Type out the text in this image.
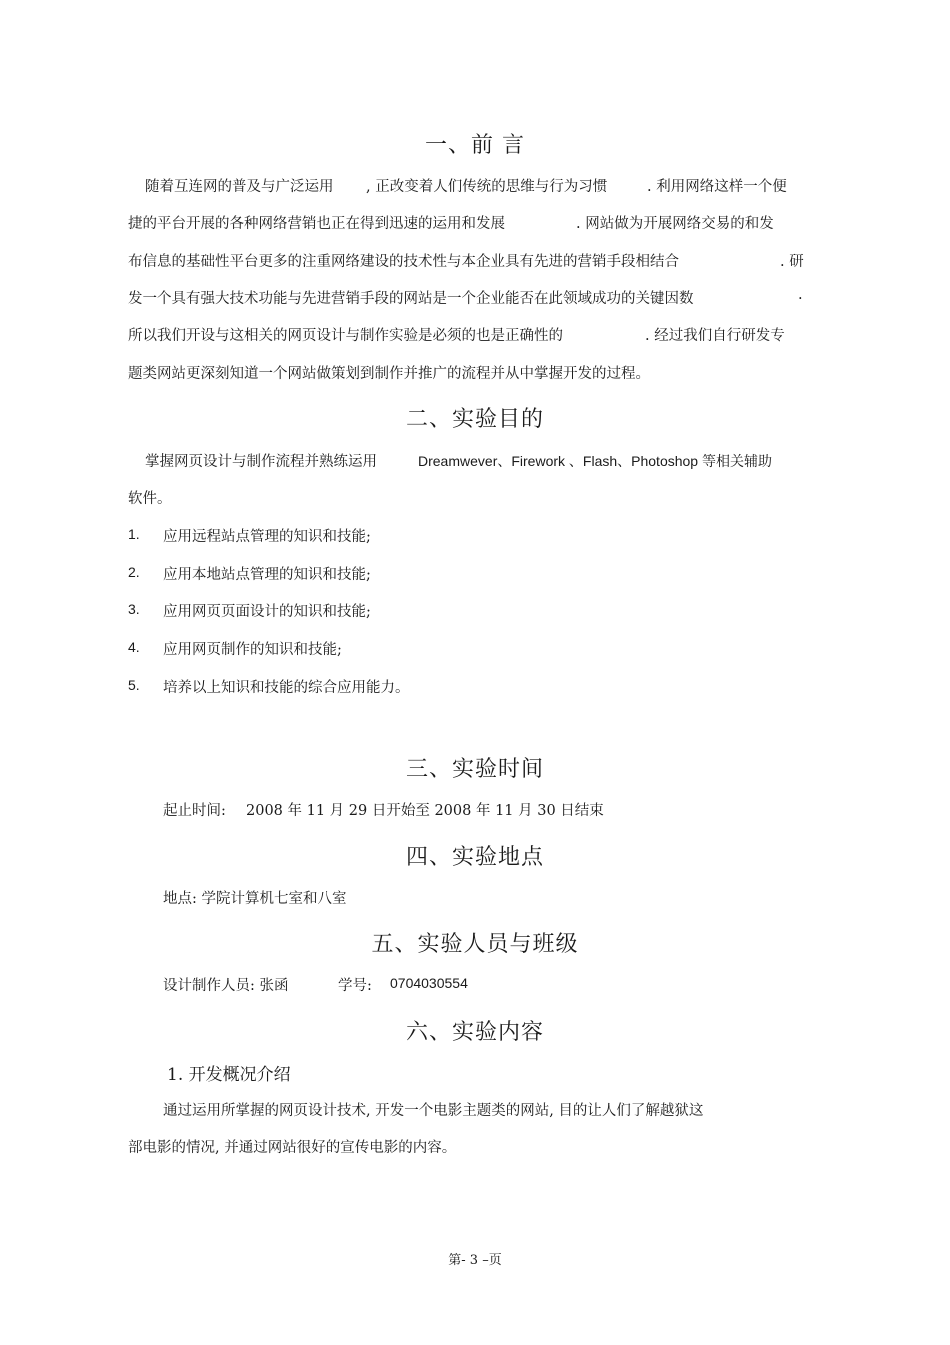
一、前 言
随着互连网的普及与广泛运用 , 正改变着人们传统的思维与行为习惯	. 利用网络这样一个便
捷的平台开展的各种网络营销也正在得到迅速的运用和发展	. 网站做为开展网络交易的和发
布信息的基础性平台更多的注重网络建设的技术性与本企业具有先进的营销手段相结合	. 研
发一个具有强大技术功能与先进营销手段的网站是一个企业能否在此领域成功的关键因数	.
所以我们开设与这相关的网页设计与制作实验是必须的也是正确性的	. 经过我们自行研发专
题类网站更深刻知道一个网站做策划到制作并推广的流程并从中掌握开发的过程。
二、实验目的
掌握网页设计与制作流程并熟练运用	Dreamwever、Firework 、Flash、Photoshop 等相关辅助
软件。
1. 应用远程站点管理的知识和技能;
2. 应用本地站点管理的知识和技能;
3. 应用网页页面设计的知识和技能;
4. 应用网页制作的知识和技能;
5. 培养以上知识和技能的综合应用能力。
三、实验时间
起止时间: 2008 年 11 月 29 日开始至 2008 年 11 月 30 日结束
四、实验地点
地点: 学院计算机七室和八室
五、实验人员与班级
设计制作人员: 张函	学号: 0704030554
六、实验内容
1. 开发概况介绍
通过运用所掌握的网页设计技术, 开发一个电影主题类的网站, 目的让人们了解越狱这
部电影的情况, 并通过网站很好的宣传电影的内容。
第- 3 –页
